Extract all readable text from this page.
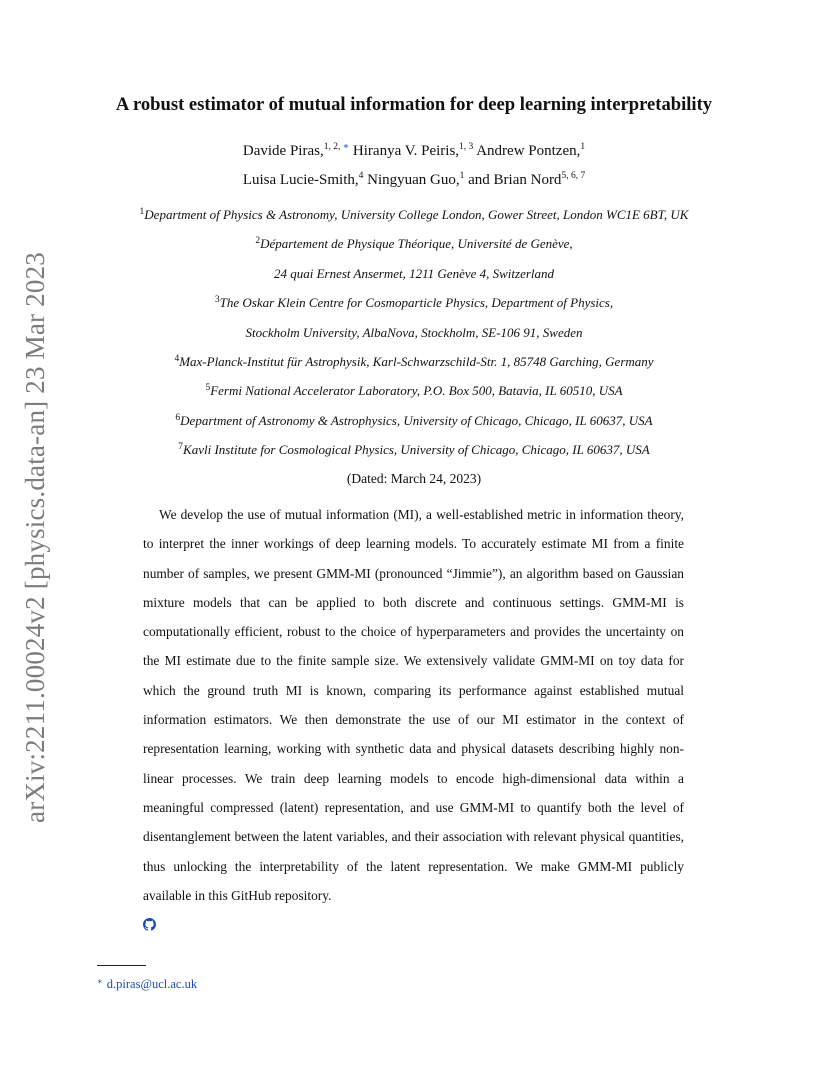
arXiv:2211.00024v2 [physics.data-an] 23 Mar 2023
A robust estimator of mutual information for deep learning interpretability

Davide Piras,$^{1, 2, ∗}$ Hiranya V. Peiris,$^{1, 3}$ Andrew Pontzen,$^1$

Luisa Lucie-Smith,$^4$ Ningyuan Guo,$^1$ and Brian Nord$^{5, 6, 7}$

$^1$Department of Physics & Astronomy, University College London, Gower Street, London WC1E 6BT, UK

$^2$Département de Physique Théorique, Université de Genève,

24 quai Ernest Ansermet, 1211 Genève 4, Switzerland

$^3$The Oskar Klein Centre for Cosmoparticle Physics, Department of Physics,

Stockholm University, AlbaNova, Stockholm, SE-106 91, Sweden

$^4$Max-Planck-Institut für Astrophysik, Karl-Schwarzschild-Str. 1, 85748 Garching, Germany

$^5$Fermi National Accelerator Laboratory, P.O. Box 500, Batavia, IL 60510, USA

$^6$Department of Astronomy & Astrophysics, University of Chicago, Chicago, IL 60637, USA

$^7$Kavli Institute for Cosmological Physics, University of Chicago, Chicago, IL 60637, USA

(Dated: March 24, 2023)

We develop the use of mutual information (MI), a well-established metric in information theory, to interpret the inner workings of deep learning models. To accurately estimate MI from a finite number of samples, we present GMM-MI (pronounced “Jimmie”), an algorithm based on Gaussian mixture models that can be applied to both discrete and continuous settings. GMM-MI is computationally efficient, robust to the choice of hyperparameters and provides the uncertainty on the MI estimate due to the finite sample size. We extensively validate GMM-MI on toy data for which the ground truth MI is known, comparing its performance against established mutual information estimators. We then demonstrate the use of our MI estimator in the context of representation learning, working with synthetic data and physical datasets describing highly non-linear processes. We train deep learning models to encode high-dimensional data within a meaningful compressed (latent) representation, and use GMM-MI to quantify both the level of disentanglement between the latent variables, and their association with relevant physical quantities, thus unlocking the interpretability of the latent representation. We make GMM-MI publicly available in this GitHub repository.

∗ d.piras@ucl.ac.uk
